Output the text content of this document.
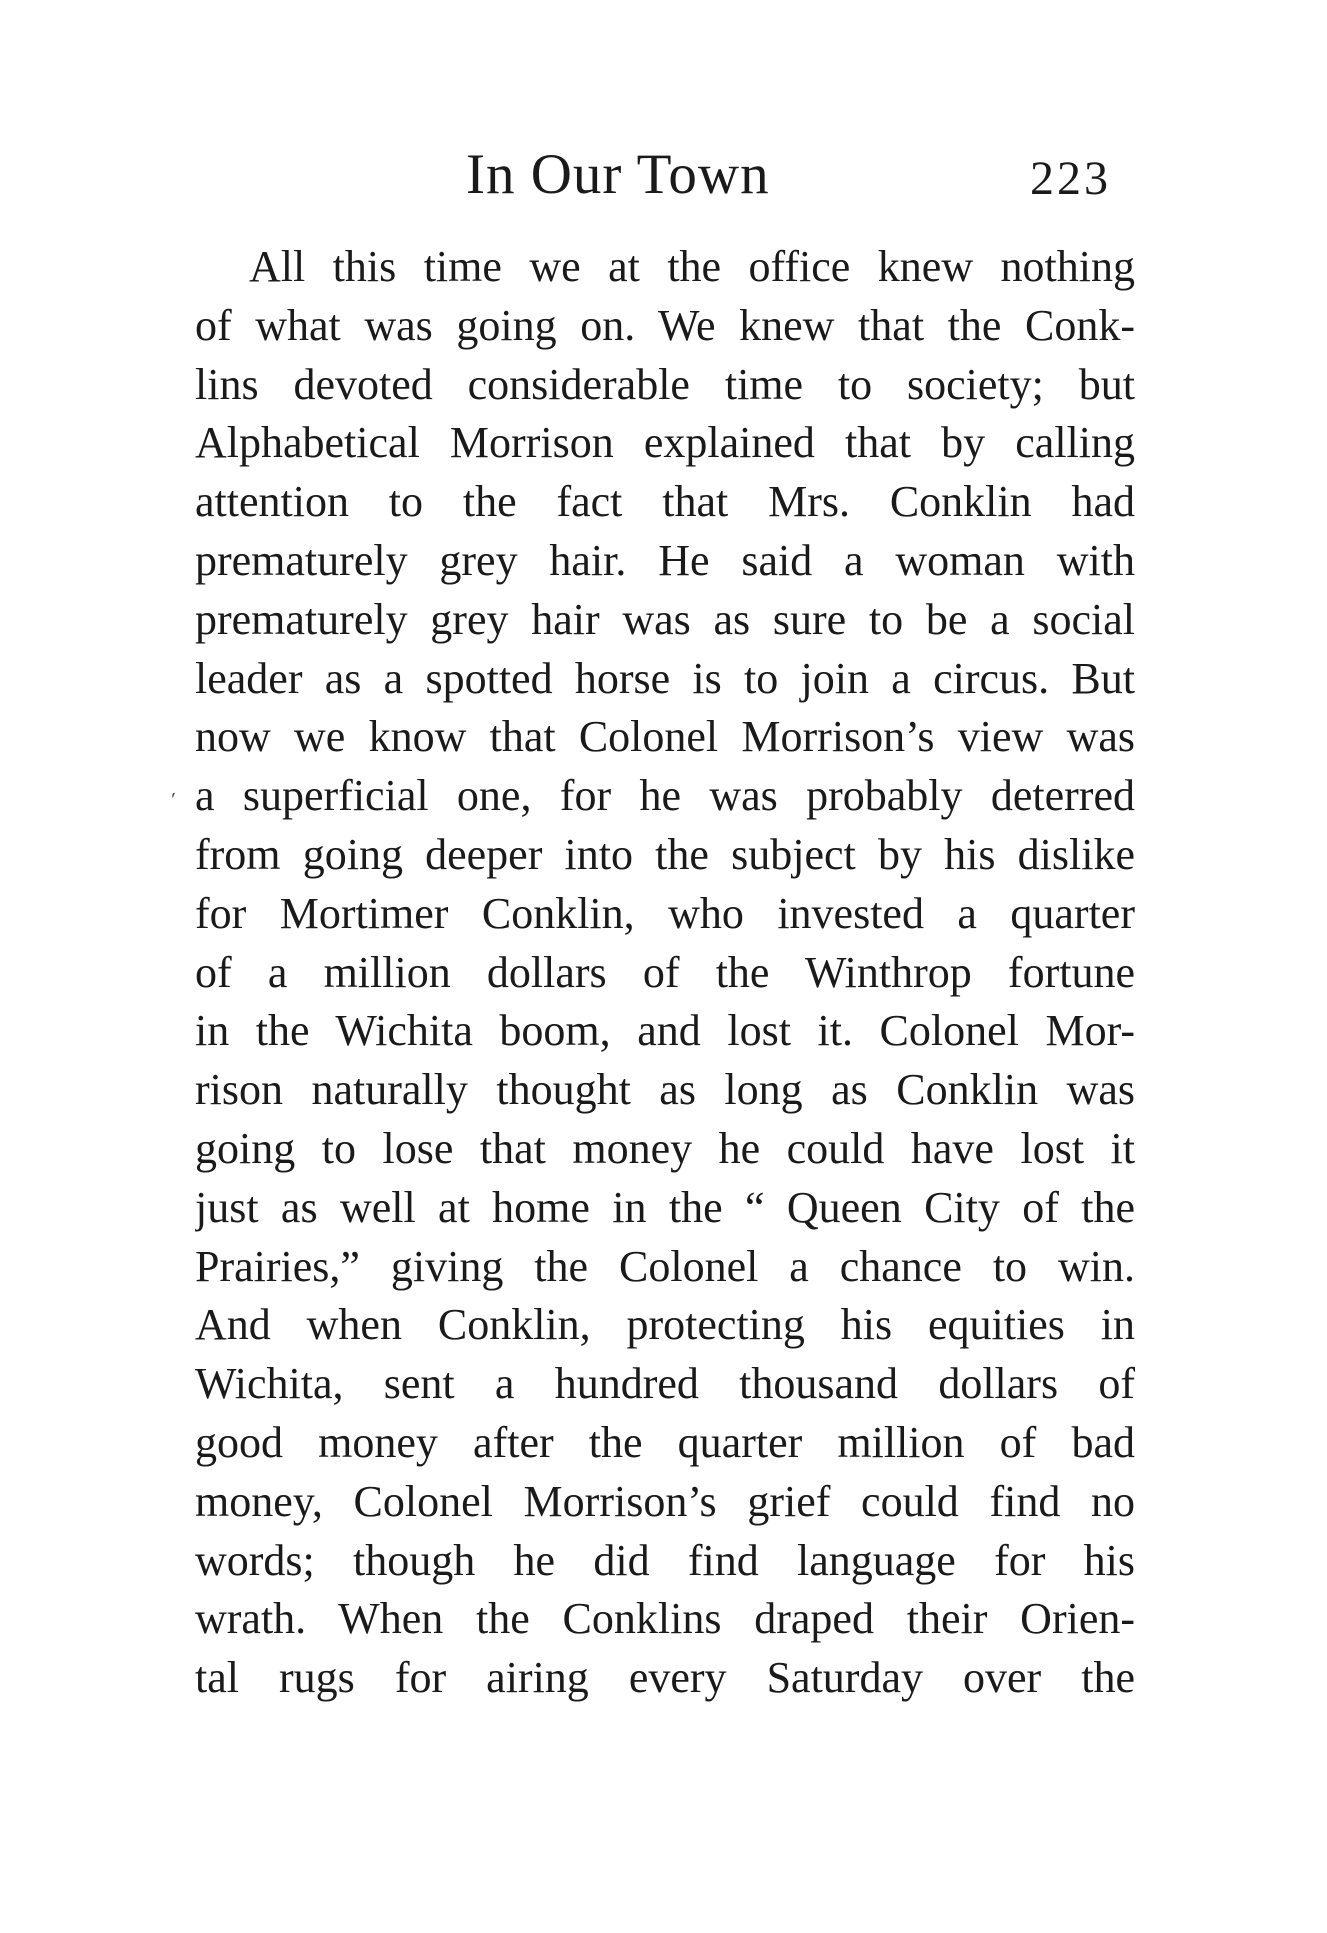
In Our Town	223
´
All this time we at the office knew nothing
of what was going on. We knew that the Conk-
lins devoted considerable time to society; but
Alphabetical Morrison explained that by calling
attention to the fact that Mrs. Conklin had
prematurely grey hair. He said a woman with
prematurely grey hair was as sure to be a social
leader as a spotted horse is to join a circus. But
now we know that Colonel Morrison’s view was
a superficial one, for he was probably deterred
from going deeper into the subject by his dislike
for Mortimer Conklin, who invested a quarter
of a million dollars of the Winthrop fortune
in the Wichita boom, and lost it. Colonel Mor-
rison naturally thought as long as Conklin was
going to lose that money he could have lost it
just as well at home in the “ Queen City of the
Prairies,” giving the Colonel a chance to win.
And when Conklin, protecting his equities in
Wichita, sent a hundred thousand dollars of
good money after the quarter million of bad
money, Colonel Morrison’s grief could find no
words; though he did find language for his
wrath. When the Conklins draped their Orien-
tal rugs for airing every Saturday over the
